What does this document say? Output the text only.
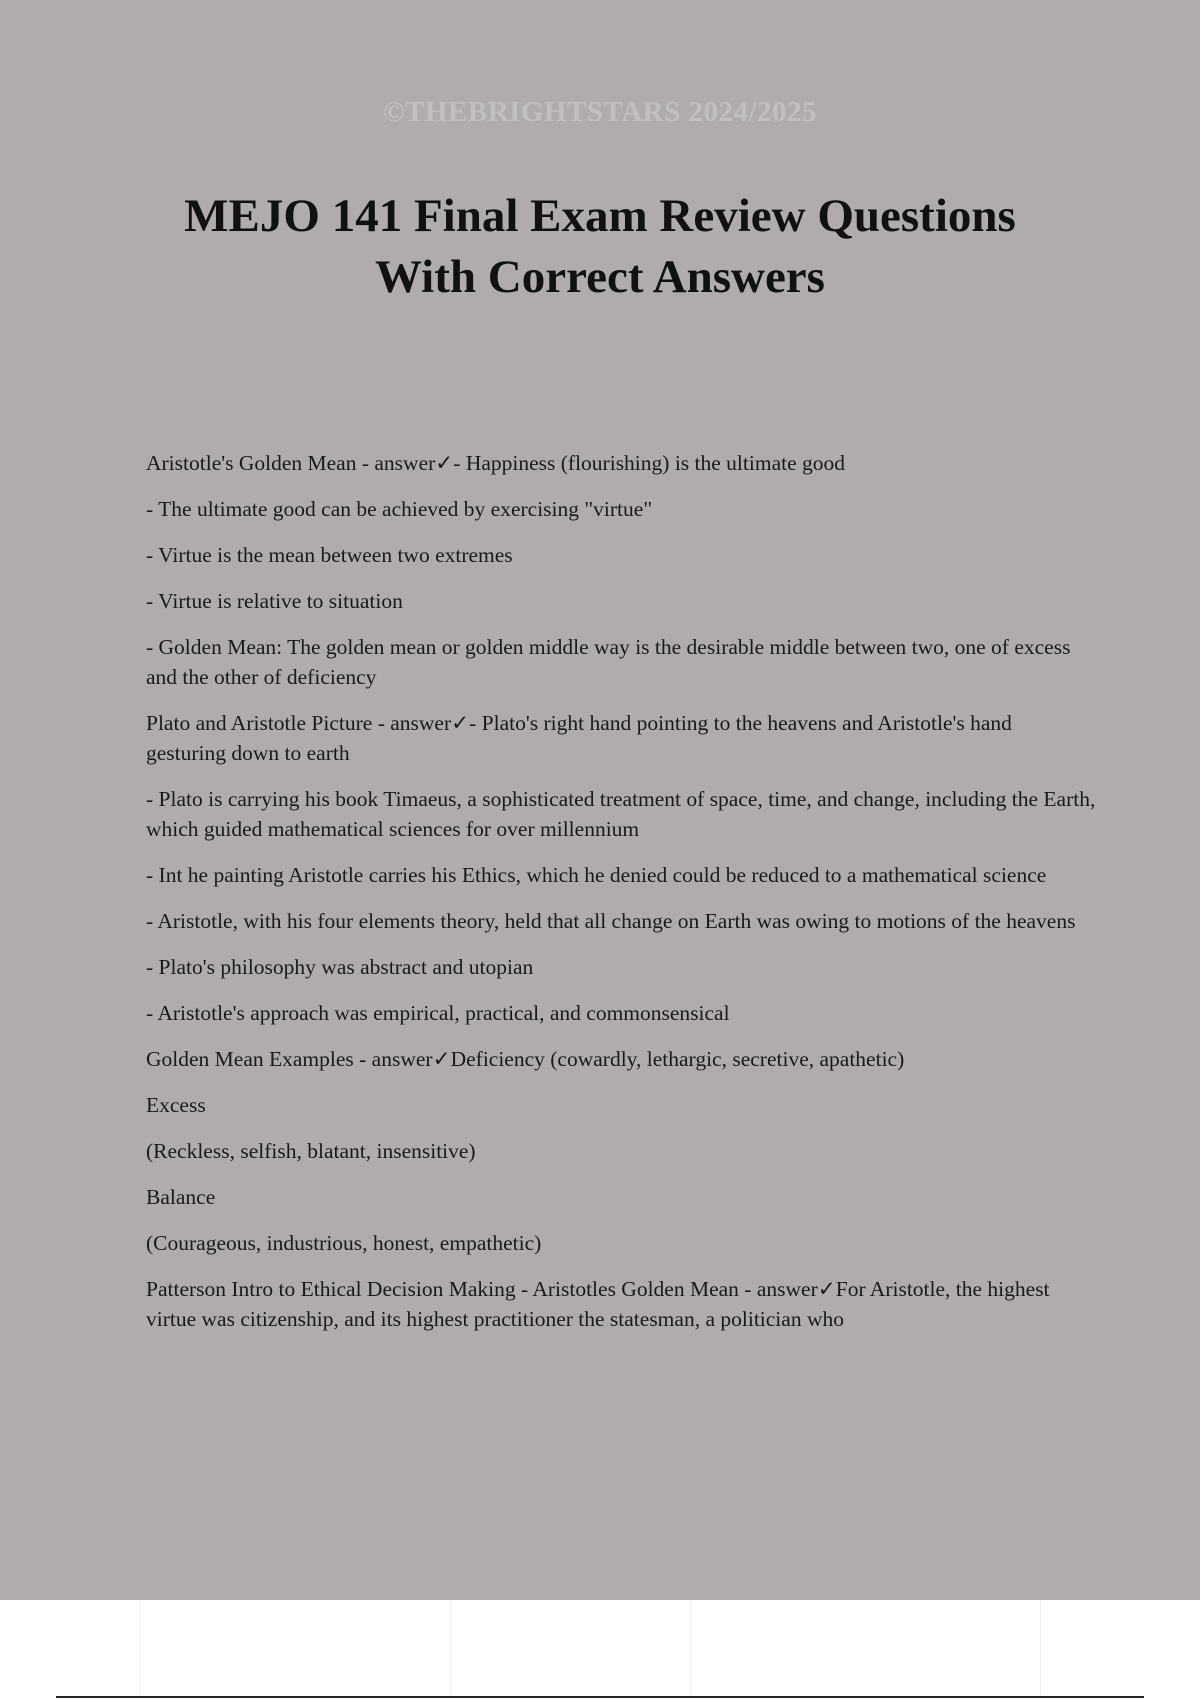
©THEBRIGHTSTARS 2024/2025
MEJO 141 Final Exam Review Questions
With Correct Answers

Aristotle's Golden Mean - answer✓- Happiness (flourishing) is the ultimate good

- The ultimate good can be achieved by exercising "virtue"

- Virtue is the mean between two extremes

- Virtue is relative to situation

- Golden Mean: The golden mean or golden middle way is the desirable middle between two, one of excess and the other of deficiency

Plato and Aristotle Picture - answer✓- Plato's right hand pointing to the heavens and Aristotle's hand gesturing down to earth

- Plato is carrying his book Timaeus, a sophisticated treatment of space, time, and change, including the Earth, which guided mathematical sciences for over millennium

- Int he painting Aristotle carries his Ethics, which he denied could be reduced to a mathematical science

- Aristotle, with his four elements theory, held that all change on Earth was owing to motions of the heavens

- Plato's philosophy was abstract and utopian

- Aristotle's approach was empirical, practical, and commonsensical

Golden Mean Examples - answer✓Deficiency (cowardly, lethargic, secretive, apathetic)

Excess

(Reckless, selfish, blatant, insensitive)

Balance

(Courageous, industrious, honest, empathetic)

Patterson Intro to Ethical Decision Making - Aristotles Golden Mean - answer✓For Aristotle, the highest virtue was citizenship, and its highest practitioner the statesman, a politician who
